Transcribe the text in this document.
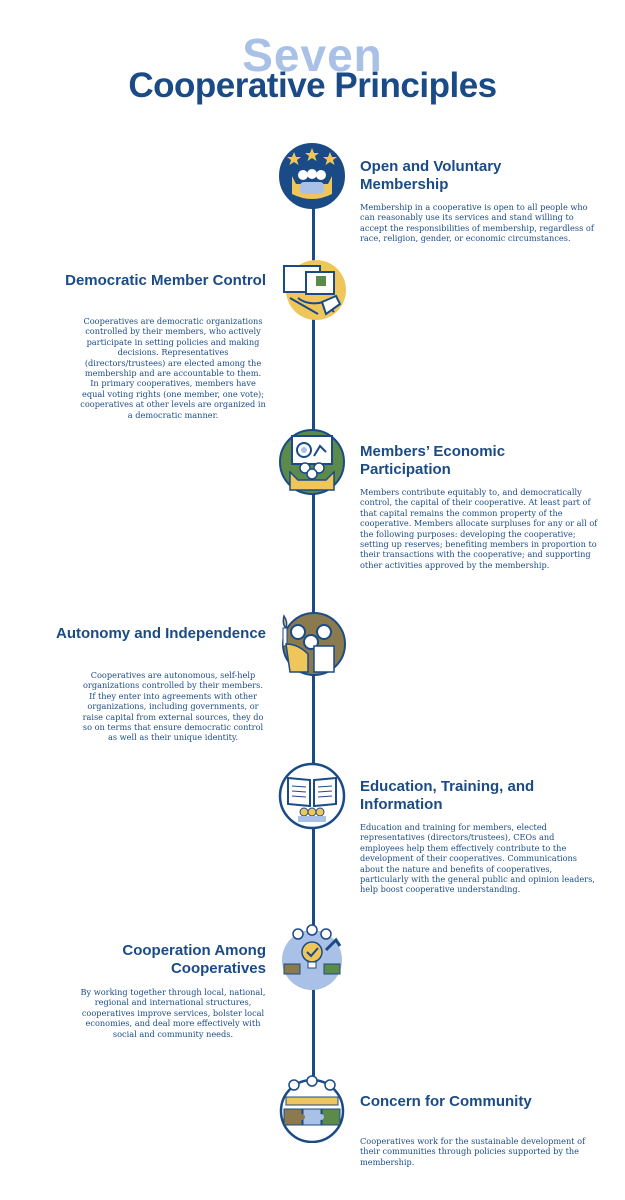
Seven
Cooperative Principles
Open and Voluntary Membership
Membership in a cooperative is open to all people who can reasonably use its services and stand willing to accept the responsibilities of membership, regardless of race, religion, gender, or economic circumstances.
Democratic Member Control
Cooperatives are democratic organizations controlled by their members, who actively participate in setting policies and making decisions. Representatives (directors/trustees) are elected among the membership and are accountable to them. In primary cooperatives, members have equal voting rights (one member, one vote); cooperatives at other levels are organized in a democratic manner.
Members’ Economic Participation
Members contribute equitably to, and democratically control, the capital of their cooperative. At least part of that capital remains the common property of the cooperative. Members allocate surpluses for any or all of the following purposes: developing the cooperative; setting up reserves; benefiting members in proportion to their transactions with the cooperative; and supporting other activities approved by the membership.
Autonomy and Independence
Cooperatives are autonomous, self-help organizations controlled by their members. If they enter into agreements with other organizations, including governments, or raise capital from external sources, they do so on terms that ensure democratic control as well as their unique identity.
Education, Training, and Information
Education and training for members, elected representatives (directors/trustees), CEOs and employees help them effectively contribute to the development of their cooperatives. Communications about the nature and benefits of cooperatives, particularly with the general public and opinion leaders, help boost cooperative understanding.
Cooperation Among Cooperatives
By working together through local, national, regional and international structures, cooperatives improve services, bolster local economies, and deal more effectively with social and community needs.
Concern for Community
Cooperatives work for the sustainable development of their communities through policies supported by the membership.
